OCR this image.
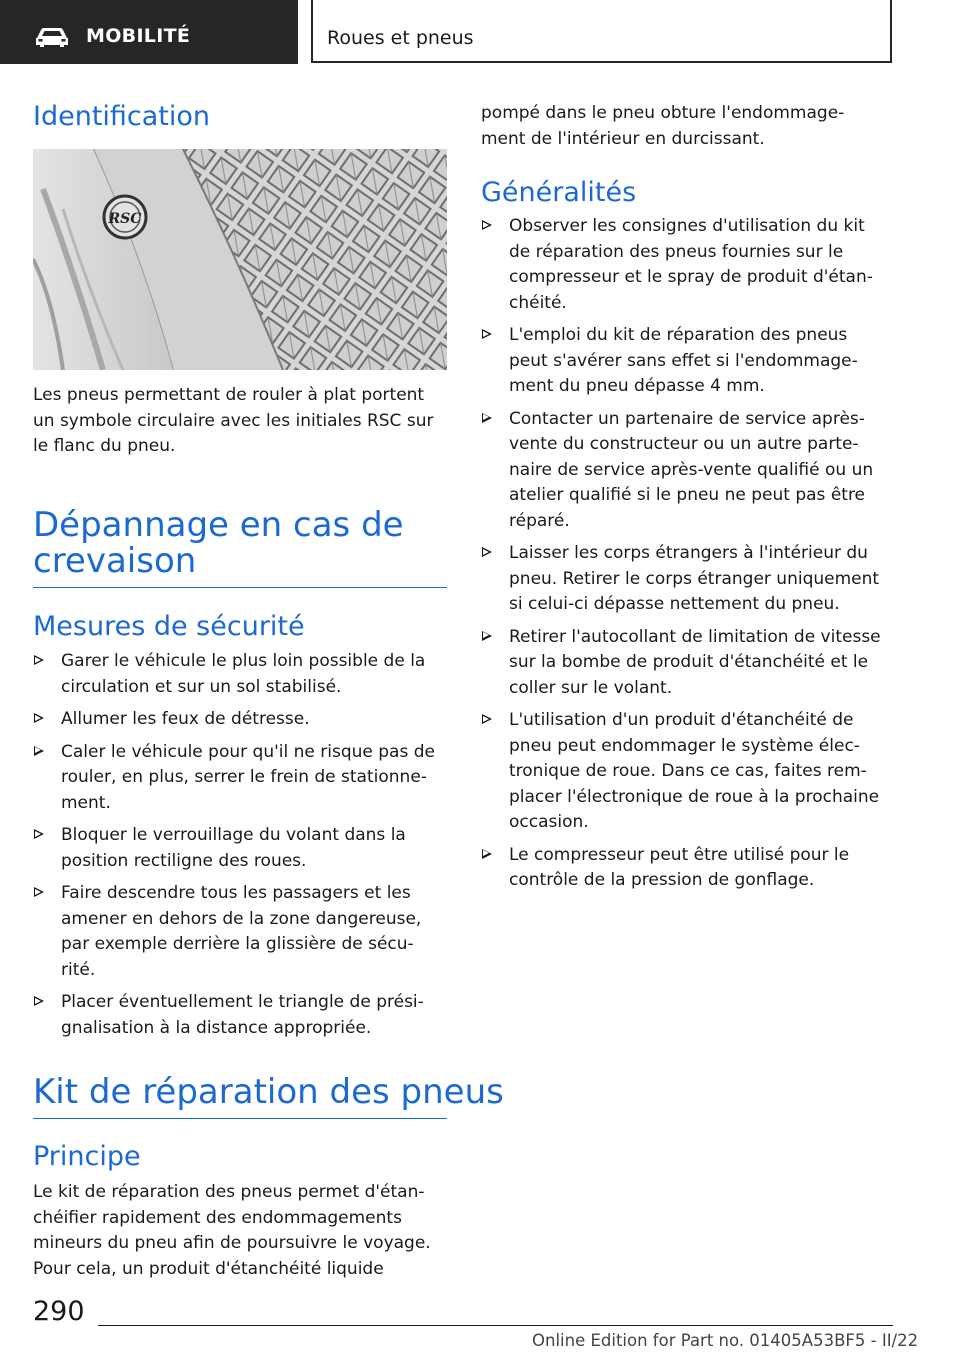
MOBILITÉ	Roues et pneus
Identification

Les pneus permettant de rouler à plat portent

un symbole circulaire avec les initiales RSC sur

le flanc du pneu.

Dépannage en cas de
crevaison
Mesures de sécurité
Garer le véhicule le plus loin possible de la
circulation et sur un sol stabilisé.
Allumer les feux de détresse.
Caler le véhicule pour qu'il ne risque pas de
rouler, en plus, serrer le frein de stationne-
ment.
Bloquer le verrouillage du volant dans la
position rectiligne des roues.
Faire descendre tous les passagers et les
amener en dehors de la zone dangereuse,
par exemple derrière la glissière de sécu-
rité.
Placer éventuellement le triangle de prési-
gnalisation à la distance appropriée.
Kit de réparation des pneus
Principe

Le kit de réparation des pneus permet d'étan-

chéifier rapidement des endommagements

mineurs du pneu afin de poursuivre le voyage.

Pour cela, un produit d'étanchéité liquide

RSC

pompé dans le pneu obture l'endommage-

ment de l'intérieur en durcissant.

Généralités
Observer les consignes d'utilisation du kit
de réparation des pneus fournies sur le
compresseur et le spray de produit d'étan-
chéité.
L'emploi du kit de réparation des pneus
peut s'avérer sans effet si l'endommage-
ment du pneu dépasse 4 mm.
Contacter un partenaire de service après-
vente du constructeur ou un autre parte-
naire de service après-vente qualifié ou un
atelier qualifié si le pneu ne peut pas être
réparé.
Laisser les corps étrangers à l'intérieur du
pneu. Retirer le corps étranger uniquement
si celui-ci dépasse nettement du pneu.
Retirer l'autocollant de limitation de vitesse
sur la bombe de produit d'étanchéité et le
coller sur le volant.
L'utilisation d'un produit d'étanchéité de
pneu peut endommager le système élec-
tronique de roue. Dans ce cas, faites rem-
placer l'électronique de roue à la prochaine
occasion.
Le compresseur peut être utilisé pour le
contrôle de la pression de gonflage.
290
Online Edition for Part no. 01405A53BF5 - II/22
